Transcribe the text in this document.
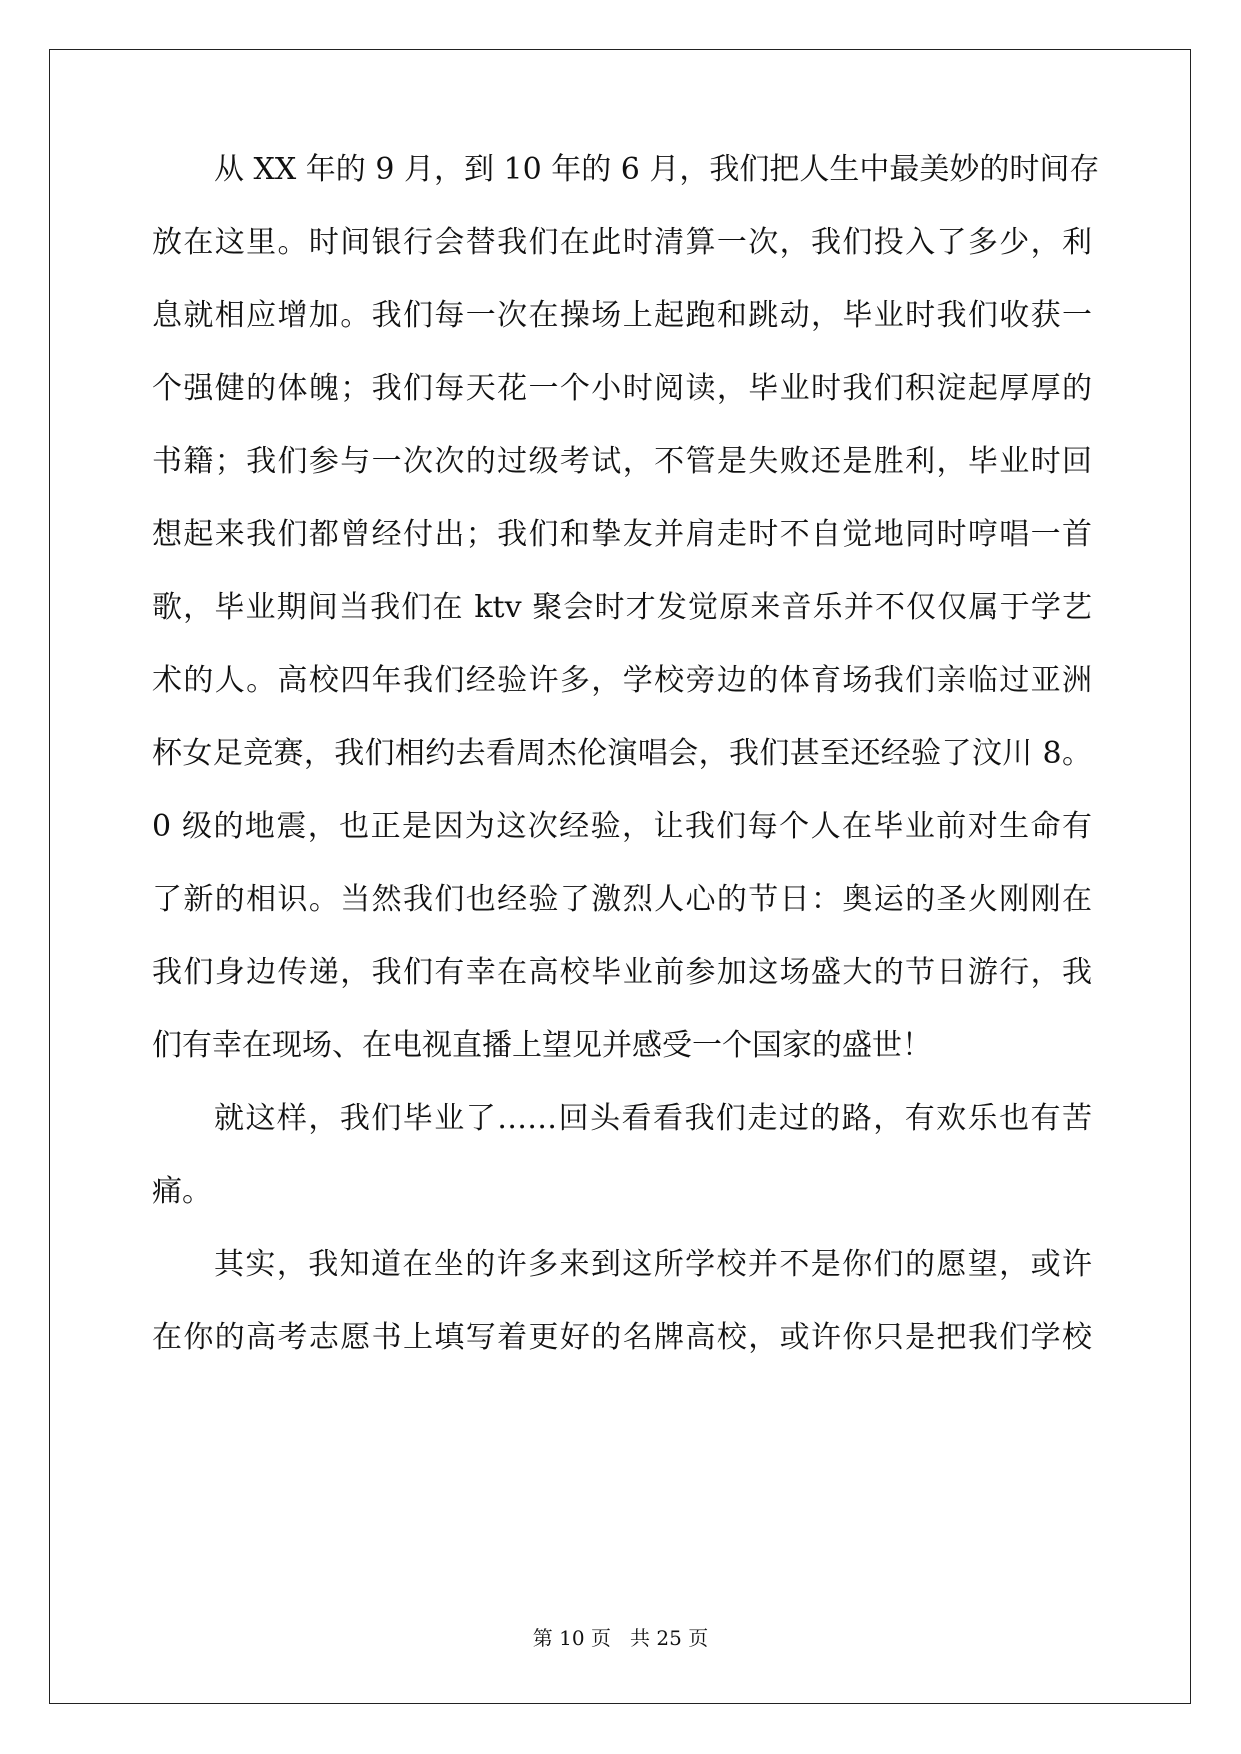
从 XX 年的 9 月，到 10 年的 6 月，我们把人生中最美妙的时间存
放在这里。时间银行会替我们在此时清算一次，我们投入了多少，利
息就相应增加。我们每一次在操场上起跑和跳动，毕业时我们收获一
个强健的体魄；我们每天花一个小时阅读，毕业时我们积淀起厚厚的
书籍；我们参与一次次的过级考试，不管是失败还是胜利，毕业时回
想起来我们都曾经付出；我们和挚友并肩走时不自觉地同时哼唱一首
歌，毕业期间当我们在 ktv 聚会时才发觉原来音乐并不仅仅属于学艺
术的人。高校四年我们经验许多，学校旁边的体育场我们亲临过亚洲
杯女足竞赛，我们相约去看周杰伦演唱会，我们甚至还经验了汶川 8。
0 级的地震，也正是因为这次经验，让我们每个人在毕业前对生命有
了新的相识。当然我们也经验了激烈人心的节日：奥运的圣火刚刚在
我们身边传递，我们有幸在高校毕业前参加这场盛大的节日游行，我
们有幸在现场、在电视直播上望见并感受一个国家的盛世！
就这样，我们毕业了……回头看看我们走过的路，有欢乐也有苦
痛。
其实，我知道在坐的许多来到这所学校并不是你们的愿望，或许
在你的高考志愿书上填写着更好的名牌高校，或许你只是把我们学校
第 10 页 共 25 页
